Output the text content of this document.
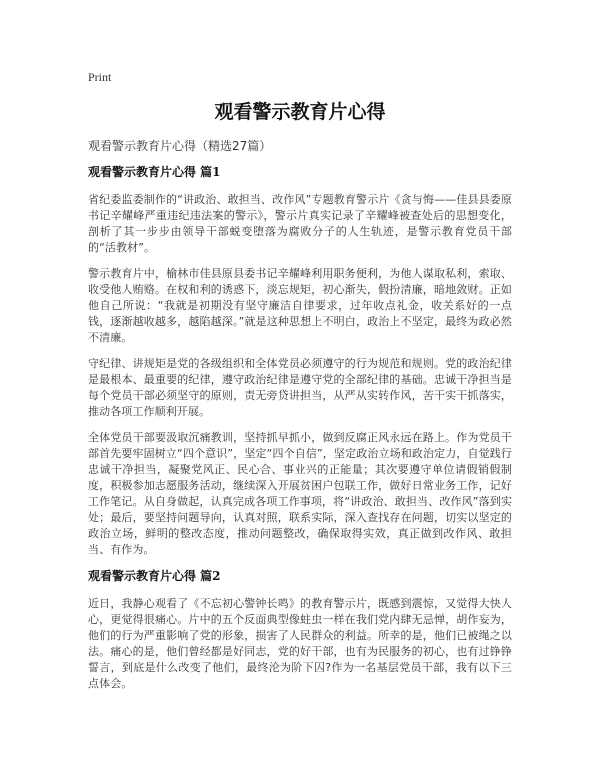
Print
观看警示教育片心得
观看警示教育片心得（精选27篇）
观看警示教育片心得 篇1

省纪委监委制作的“讲政治、敢担当、改作风”专题教育警示片《贪与悔——佳县县委原书记辛耀峰严重违纪违法案的警示》，警示片真实记录了辛耀峰被查处后的思想变化，剖析了其一步步由领导干部蜕变堕落为腐败分子的人生轨迹，是警示教育党员干部的“活教材”。

警示教育片中，榆林市佳县原县委书记辛耀峰利用职务便利，为他人谋取私利，索取、收受他人贿赂。在权和利的诱惑下，淡忘规矩，初心渐失，假扮清廉，暗地敛财。正如他自己所说：“我就是初期没有坚守廉洁自律要求，过年收点礼金，收关系好的一点钱，逐渐越收越多，越陷越深。”就是这种思想上不明白，政治上不坚定，最终为政必然不清廉。

守纪律、讲规矩是党的各级组织和全体党员必须遵守的行为规范和规则。党的政治纪律是最根本、最重要的纪律，遵守政治纪律是遵守党的全部纪律的基础。忠诚干净担当是每个党员干部必须坚守的原则，责无旁贷讲担当，从严从实转作风，苦干实干抓落实，推动各项工作顺利开展。

全体党员干部要汲取沉痛教训，坚持抓早抓小，做到反腐正风永远在路上。作为党员干部首先要牢固树立“四个意识”，坚定“四个自信”，坚定政治立场和政治定力，自觉践行忠诚干净担当，凝聚党风正、民心合、事业兴的正能量；其次要遵守单位请假销假制度，积极参加志愿服务活动，继续深入开展贫困户包联工作，做好日常业务工作，记好工作笔记。从自身做起，认真完成各项工作事项，将“讲政治、敢担当、改作风”落到实处；最后，要坚持问题导向，认真对照，联系实际，深入查找存在问题，切实以坚定的政治立场，鲜明的整改态度，推动问题整改，确保取得实效，真正做到改作风、敢担当、有作为。

观看警示教育片心得 篇2

近日，我静心观看了《不忘初心警钟长鸣》的教育警示片，既感到震惊，又觉得大快人心，更觉得很痛心。片中的五个反面典型像蛀虫一样在我们党内肆无忌惮，胡作妄为，他们的行为严重影响了党的形象，损害了人民群众的利益。所幸的是，他们已被绳之以法。痛心的是，他们曾经都是好同志，党的好干部，也有为民服务的初心，也有过铮铮誓言，到底是什么改变了他们，最终沦为阶下囚?作为一名基层党员干部，我有以下三点体会。
